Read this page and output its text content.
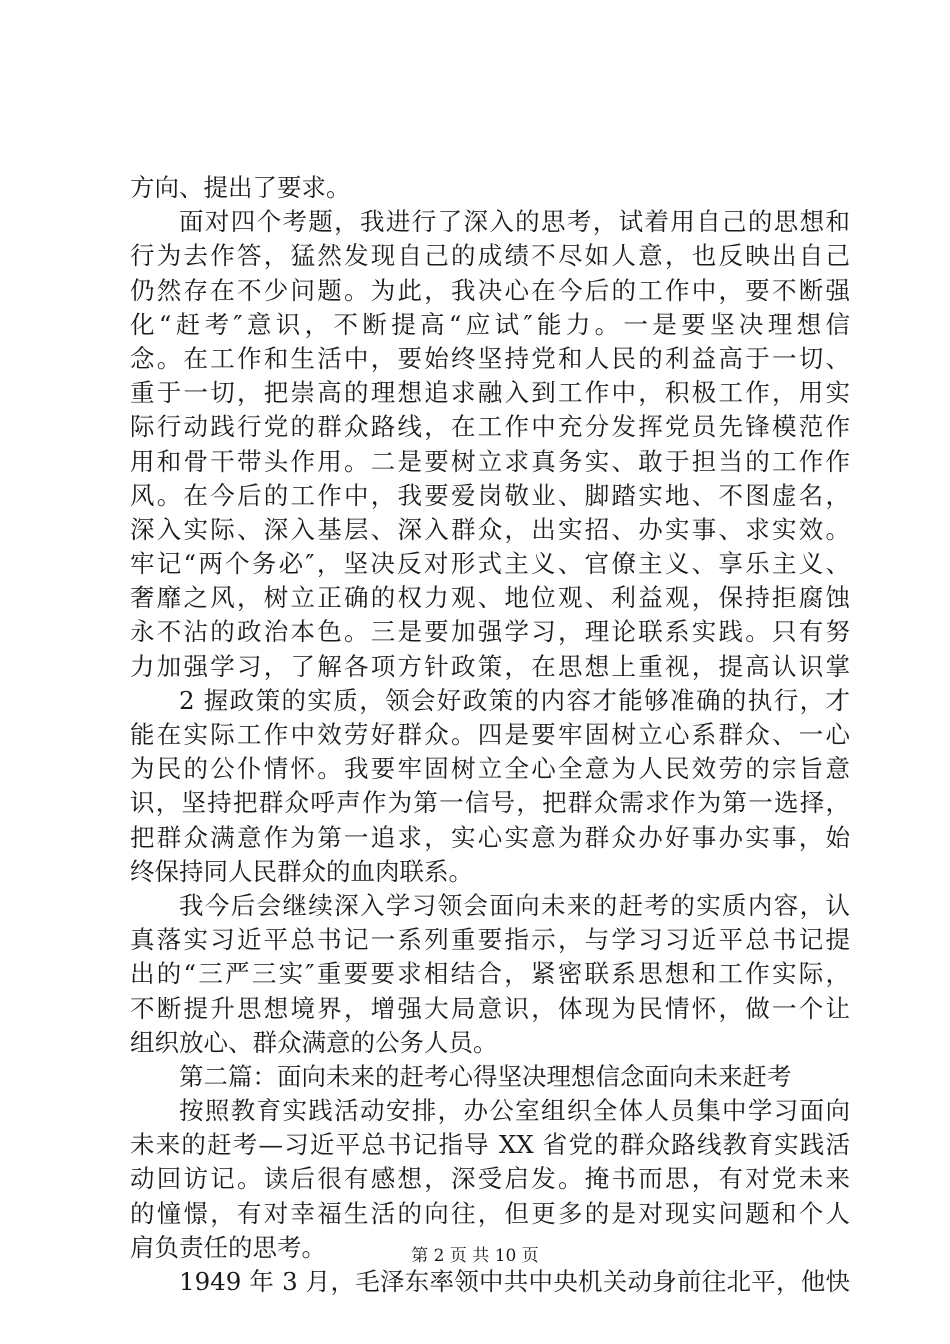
方向、提出了要求。
面对四个考题，我进行了深入的思考，试着用自己的思想和
行为去作答，猛然发现自己的成绩不尽如人意，也反映出自己
仍然存在不少问题。为此，我决心在今后的工作中，要不断强
化“赶考″意识，不断提高“应试″能力。一是要坚决理想信
念。在工作和生活中，要始终坚持党和人民的利益高于一切、
重于一切，把崇高的理想追求融入到工作中，积极工作，用实
际行动践行党的群众路线，在工作中充分发挥党员先锋模范作
用和骨干带头作用。二是要树立求真务实、敢于担当的工作作
风。在今后的工作中，我要爱岗敬业、脚踏实地、不图虚名，
深入实际、深入基层、深入群众，出实招、办实事、求实效。
牢记“两个务必″，坚决反对形式主义、官僚主义、享乐主义、
奢靡之风，树立正确的权力观、地位观、利益观，保持拒腐蚀
永不沾的政治本色。三是要加强学习，理论联系实践。只有努
力加强学习，了解各项方针政策，在思想上重视，提高认识掌
2 握政策的实质，领会好政策的内容才能够准确的执行，才
能在实际工作中效劳好群众。四是要牢固树立心系群众、一心
为民的公仆情怀。我要牢固树立全心全意为人民效劳的宗旨意
识，坚持把群众呼声作为第一信号，把群众需求作为第一选择，
把群众满意作为第一追求，实心实意为群众办好事办实事，始
终保持同人民群众的血肉联系。
我今后会继续深入学习领会面向未来的赶考的实质内容，认
真落实习近平总书记一系列重要指示，与学习习近平总书记提
出的“三严三实″重要要求相结合，紧密联系思想和工作实际，
不断提升思想境界，增强大局意识，体现为民情怀，做一个让
组织放心、群众满意的公务人员。
第二篇：面向未来的赶考心得坚决理想信念面向未来赶考
按照教育实践活动安排，办公室组织全体人员集中学习面向
未来的赶考—习近平总书记指导 XX 省党的群众路线教育实践活
动回访记。读后很有感想，深受启发。掩书而思，有对党未来
的憧憬，有对幸福生活的向往，但更多的是对现实问题和个人
肩负责任的思考。
1949 年 3 月，毛泽东率领中共中央机关动身前往北平，他快
第 2 页 共 10 页
